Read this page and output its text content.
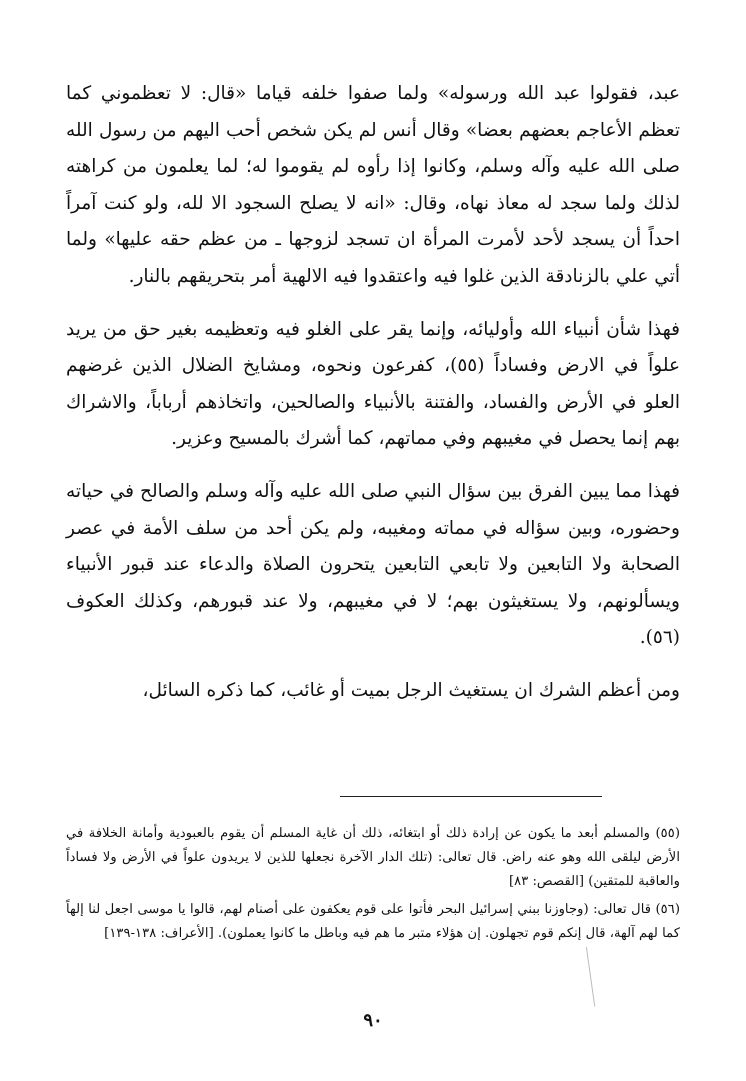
عبد، فقولوا عبد الله ورسوله» ولما صفوا خلفه قياما «قال: لا تعظموني كما تعظم الأعاجم بعضهم بعضا» وقال أنس لم يكن شخص أحب اليهم من رسول الله صلى الله عليه وآله وسلم، وكانوا إذا رأوه لم يقوموا له؛ لما يعلمون من كراهته لذلك ولما سجد له معاذ نهاه، وقال: «انه لا يصلح السجود الا لله، ولو كنت آمراً احداً أن يسجد لأحد لأمرت المرأة ان تسجد لزوجها ـ من عظم حقه عليها» ولما أتي علي بالزنادقة الذين غلوا فيه واعتقدوا فيه الالهية أمر بتحريقهم بالنار.

فهذا شأن أنبياء الله وأوليائه، وإنما يقر على الغلو فيه وتعظيمه بغير حق من يريد علواً في الارض وفساداً (٥٥)، كفرعون ونحوه، ومشايخ الضلال الذين غرضهم العلو في الأرض والفساد، والفتنة بالأنبياء والصالحين، واتخاذهم أرباباً، والاشراك بهم إنما يحصل في مغيبهم وفي مماتهم، كما أشرك بالمسيح وعزير.

فهذا مما يبين الفرق بين سؤال النبي صلى الله عليه وآله وسلم والصالح في حياته وحضوره، وبين سؤاله في مماته ومغيبه، ولم يكن أحد من سلف الأمة في عصر الصحابة ولا التابعين ولا تابعي التابعين يتحرون الصلاة والدعاء عند قبور الأنبياء ويسألونهم، ولا يستغيثون بهم؛ لا في مغيبهم، ولا عند قبورهم، وكذلك العكوف (٥٦).

ومن أعظم الشرك ان يستغيث الرجل بميت أو غائب، كما ذكره السائل،

(٥٥) والمسلم أبعد ما يكون عن إرادة ذلك أو ابتغائه، ذلك أن غاية المسلم أن يقوم بالعبودية وأمانة الخلافة في الأرض ليلقى الله وهو عنه راض. قال تعالى: (تلك الدار الآخرة نجعلها للذين لا يريدون علواً في الأرض ولا فساداً والعاقبة للمتقين) [القصص: ٨٣]

(٥٦) قال تعالى: (وجاوزنا ببني إسرائيل البحر فأتوا على قوم يعكفون على أصنام لهم، قالوا يا موسى اجعل لنا إلهاً كما لهم آلهة، قال إنكم قوم تجهلون. إن هؤلاء متبر ما هم فيه وباطل ما كانوا يعملون). [الأعراف: ١٣٨-١٣٩]

٩٠
